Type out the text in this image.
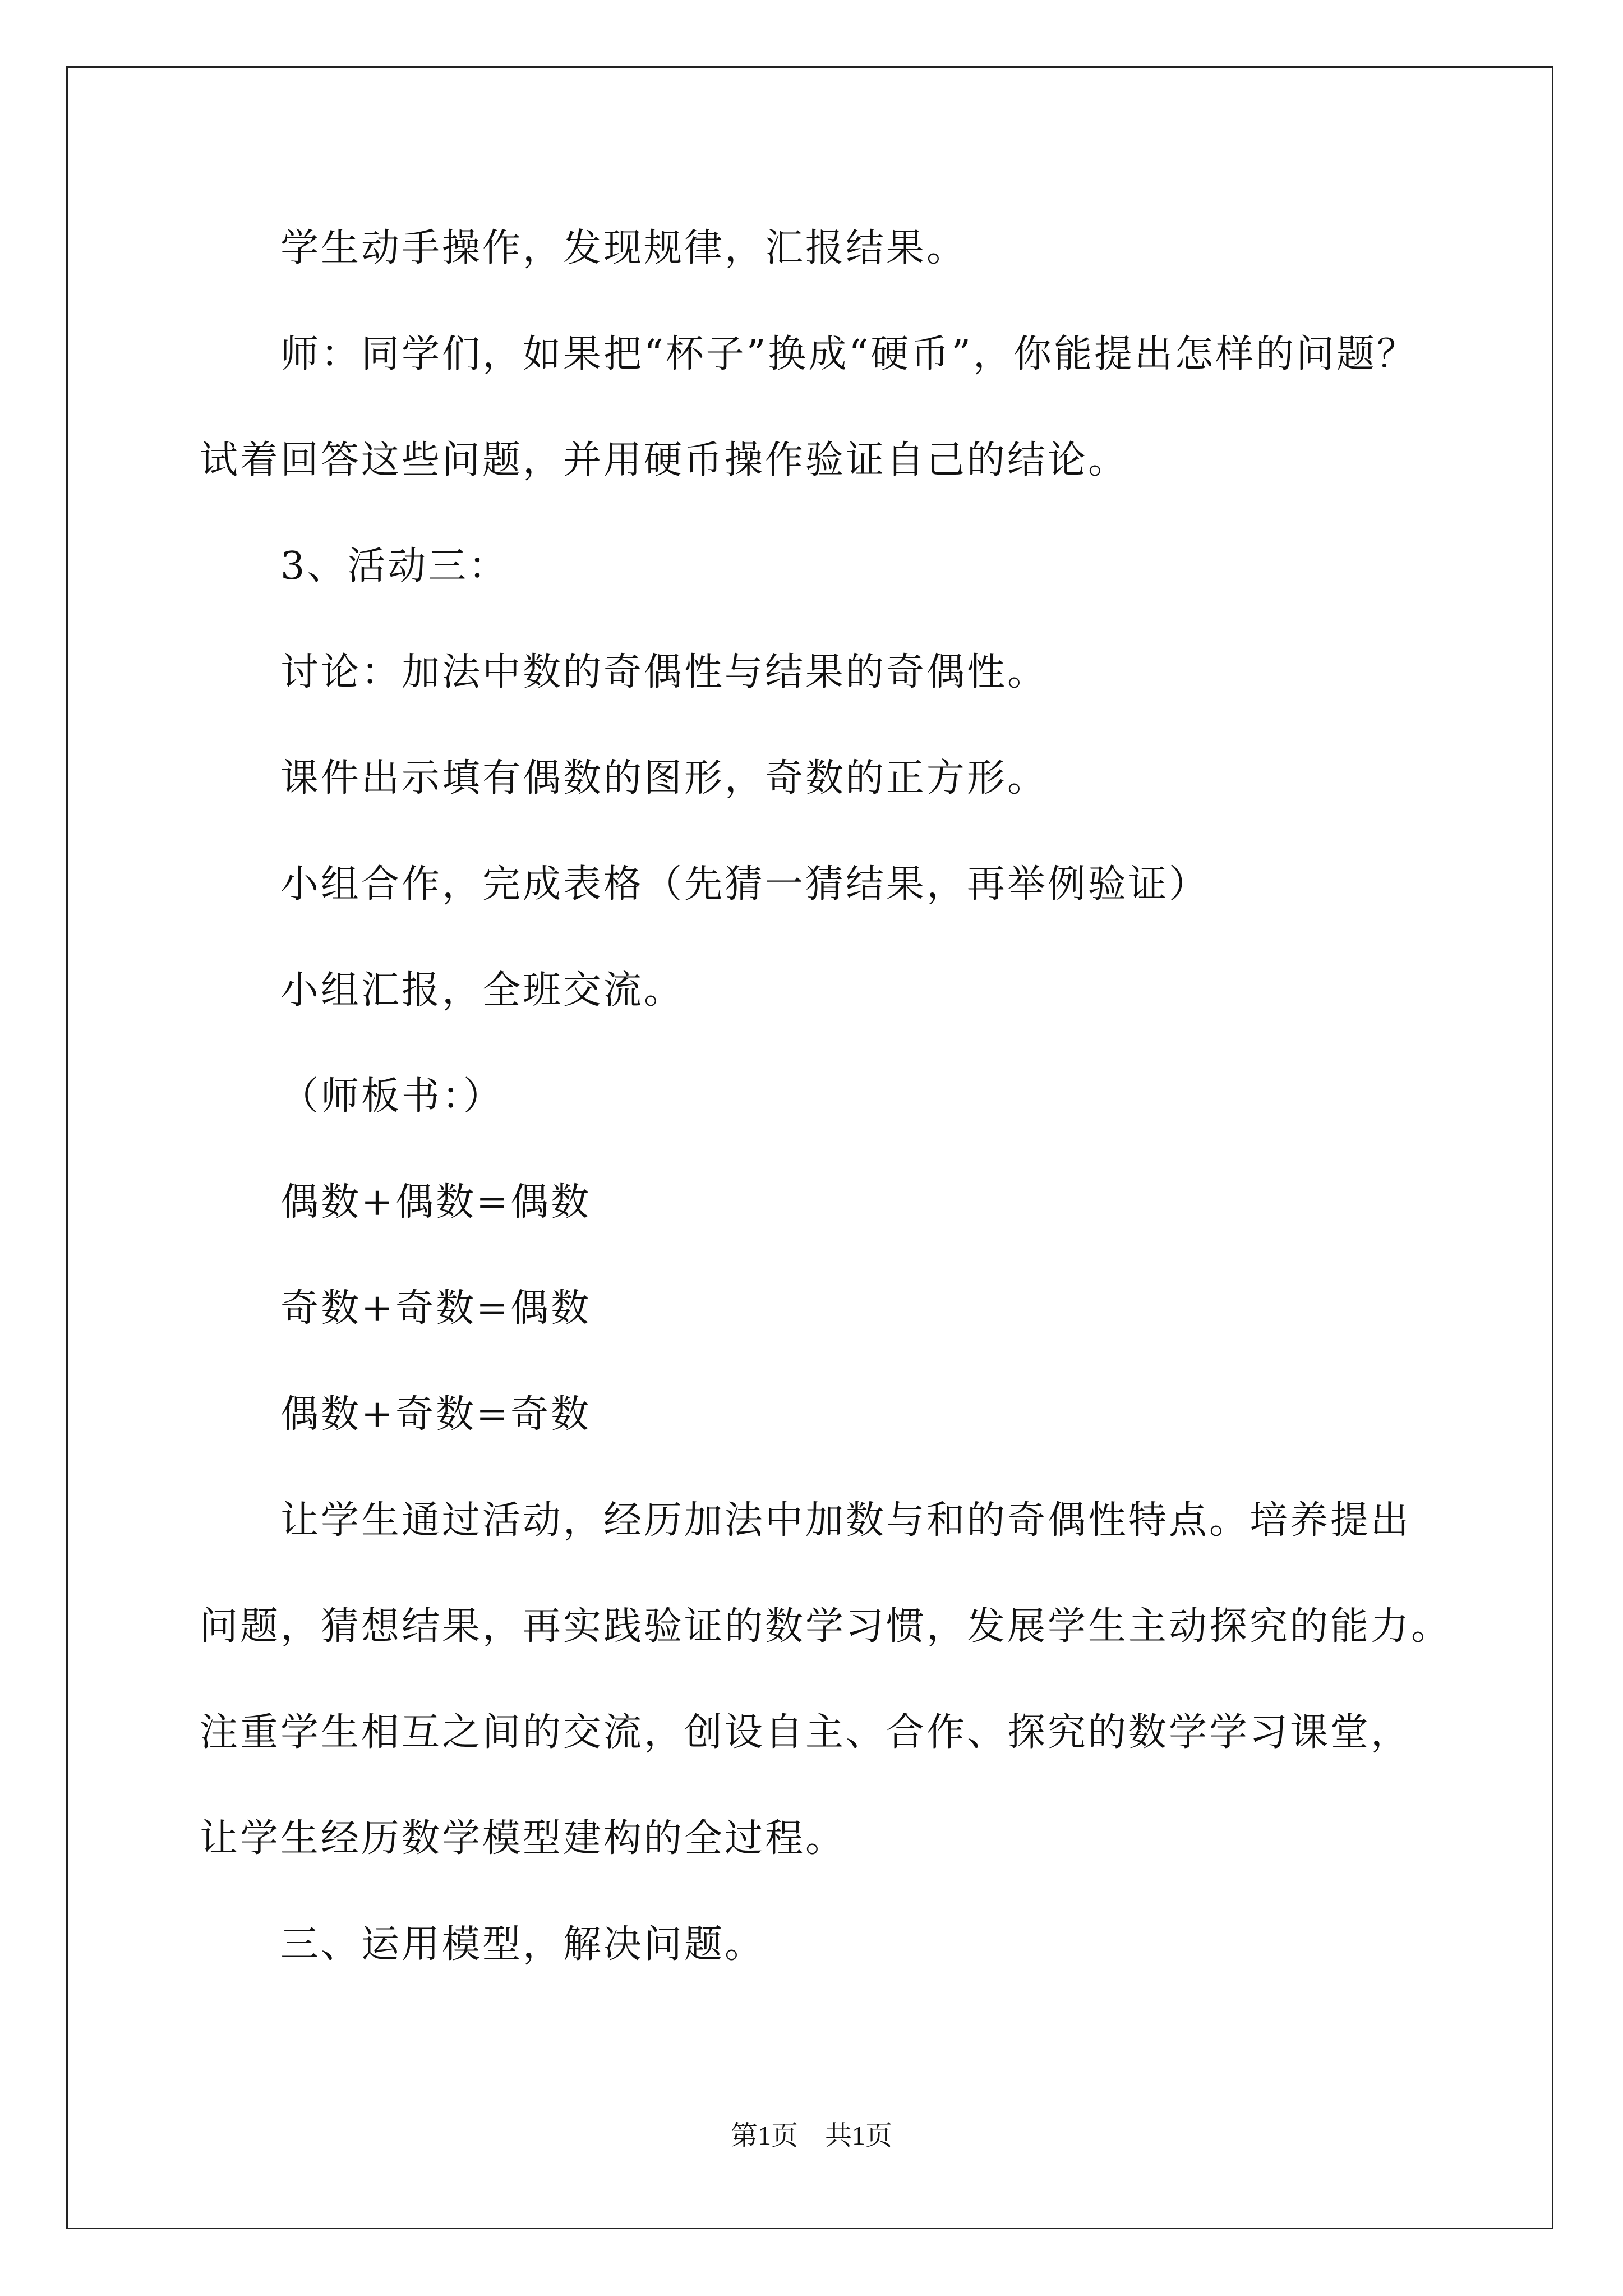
学生动手操作，发现规律，汇报结果。
师：同学们，如果把“杯子”换成“硬币”，你能提出怎样的问题？
试着回答这些问题，并用硬币操作验证自己的结论。
3、活动三：
讨论：加法中数的奇偶性与结果的奇偶性。
课件出示填有偶数的图形，奇数的正方形。
小组合作，完成表格（先猜一猜结果，再举例验证）
小组汇报，全班交流。
（师板书：）
偶数+偶数=偶数
奇数+奇数=偶数
偶数+奇数=奇数
让学生通过活动，经历加法中加数与和的奇偶性特点。培养提出
问题，猜想结果，再实践验证的数学习惯，发展学生主动探究的能力。
注重学生相互之间的交流，创设自主、合作、探究的数学学习课堂，
让学生经历数学模型建构的全过程。
三、运用模型，解决问题。
第1页　共1页
